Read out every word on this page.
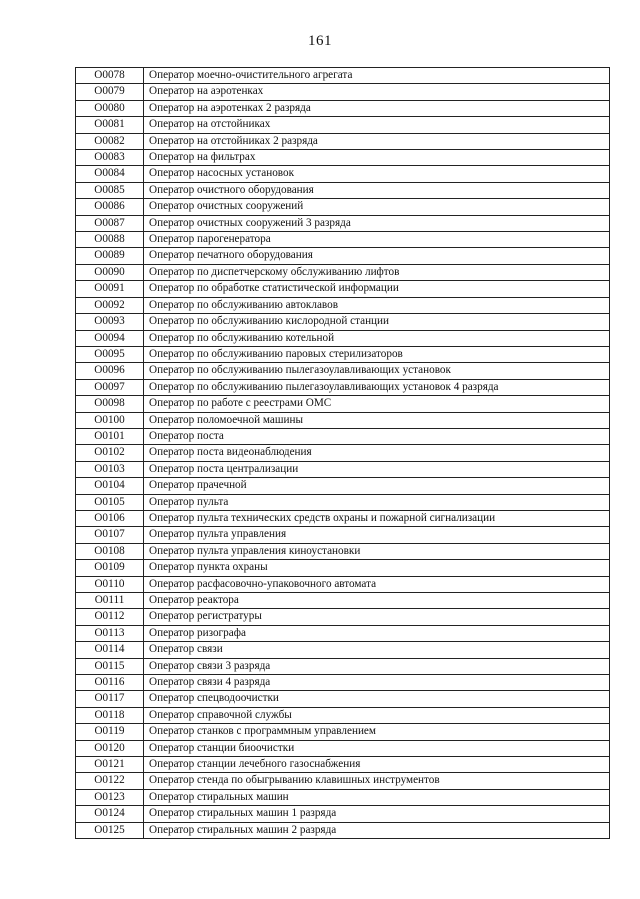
161
O0078	Оператор моечно-очистительного агрегата
O0079	Оператор на аэротенках
O0080	Оператор на аэротенках 2 разряда
O0081	Оператор на отстойниках
O0082	Оператор на отстойниках 2 разряда
O0083	Оператор на фильтрах
O0084	Оператор насосных установок
O0085	Оператор очистного оборудования
O0086	Оператор очистных сооружений
O0087	Оператор очистных сооружений 3 разряда
O0088	Оператор парогенератора
O0089	Оператор печатного оборудования
O0090	Оператор по диспетчерскому обслуживанию лифтов
O0091	Оператор по обработке статистической информации
O0092	Оператор по обслуживанию автоклавов
O0093	Оператор по обслуживанию кислородной станции
O0094	Оператор по обслуживанию котельной
O0095	Оператор по обслуживанию паровых стерилизаторов
O0096	Оператор по обслуживанию пылегазоулавливающих установок
O0097	Оператор по обслуживанию пылегазоулавливающих установок 4 разряда
O0098	Оператор по работе с реестрами ОМС
O0100	Оператор поломоечной машины
O0101	Оператор поста
O0102	Оператор поста видеонаблюдения
O0103	Оператор поста централизации
O0104	Оператор прачечной
O0105	Оператор пульта
O0106	Оператор пульта технических средств охраны и пожарной сигнализации
O0107	Оператор пульта управления
O0108	Оператор пульта управления киноустановки
O0109	Оператор пункта охраны
O0110	Оператор расфасовочно-упаковочного автомата
O0111	Оператор реактора
O0112	Оператор регистратуры
O0113	Оператор ризографа
O0114	Оператор связи
O0115	Оператор связи 3 разряда
O0116	Оператор связи 4 разряда
O0117	Оператор спецводоочистки
O0118	Оператор справочной службы
O0119	Оператор станков с программным управлением
O0120	Оператор станции биоочистки
O0121	Оператор станции лечебного газоснабжения
O0122	Оператор стенда по обыгрыванию клавишных инструментов
O0123	Оператор стиральных машин
O0124	Оператор стиральных машин 1 разряда
O0125	Оператор стиральных машин 2 разряда
